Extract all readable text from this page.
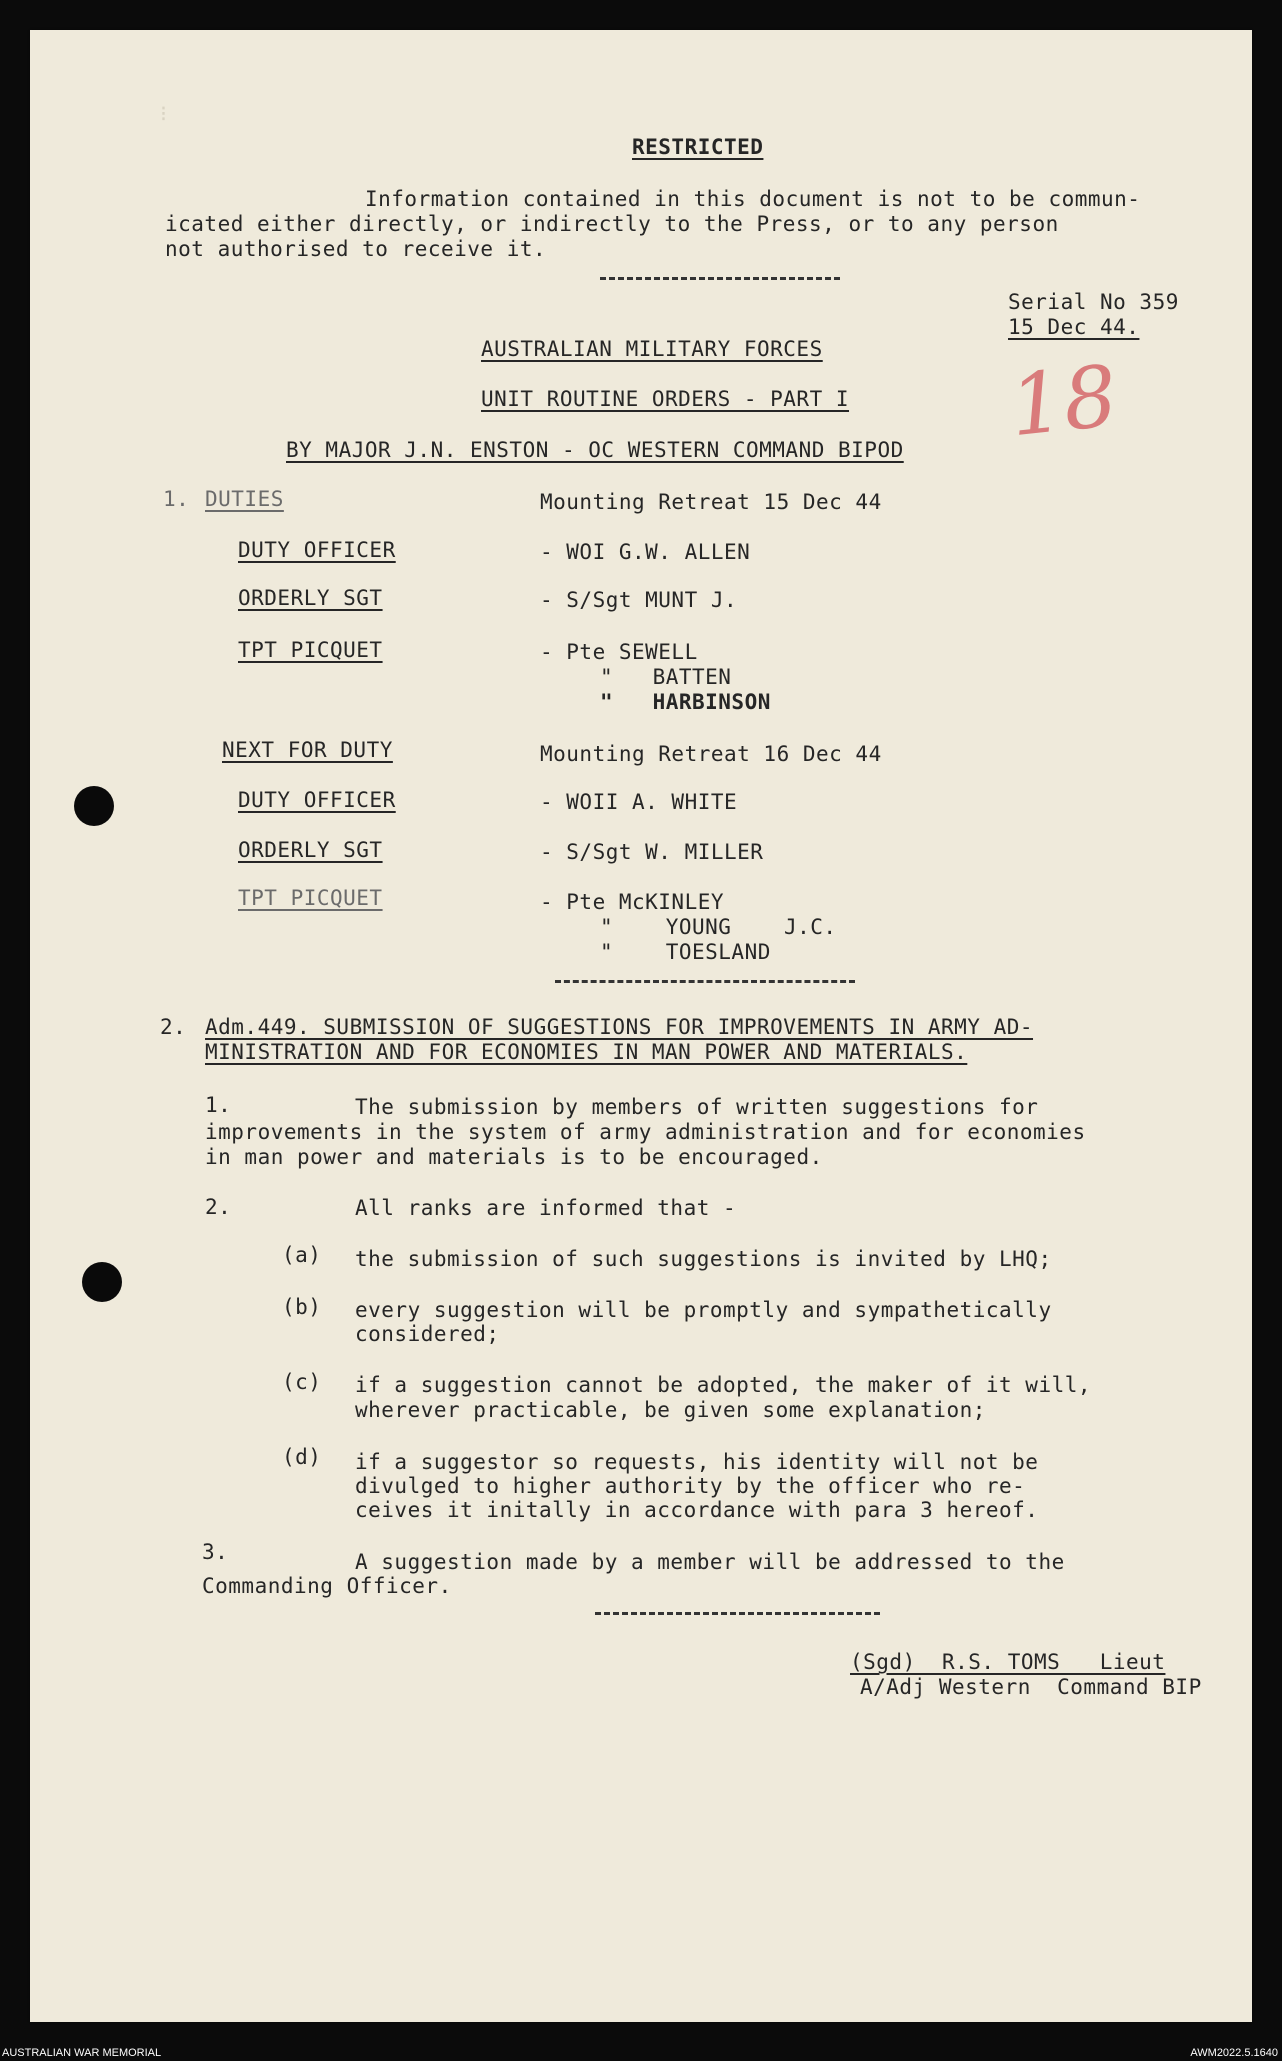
⁝
RESTRICTED
Information contained in this document is not to be commun-
icated either directly, or indirectly to the Press, or to any person
not authorised to receive it.
Serial No 359
15 Dec 44.
18
AUSTRALIAN MILITARY FORCES
UNIT ROUTINE ORDERS - PART I
BY MAJOR J.N. ENSTON - OC WESTERN COMMAND BIPOD
1. DUTIES	Mounting Retreat 15 Dec 44
DUTY OFFICER	- WOI G.W. ALLEN
ORDERLY SGT	- S/Sgt MUNT J.
TPT PICQUET	- Pte SEWELL
"   BATTEN
"   HARBINSON
NEXT FOR DUTY	Mounting Retreat 16 Dec 44
DUTY OFFICER	- WOII A. WHITE
ORDERLY SGT	- S/Sgt W. MILLER
TPT PICQUET	- Pte McKINLEY
"    YOUNG    J.C.
"    TOESLAND
2. Adm.449. SUBMISSION OF SUGGESTIONS FOR IMPROVEMENTS IN ARMY AD-
MINISTRATION AND FOR ECONOMIES IN MAN POWER AND MATERIALS.
1.	The submission by members of written suggestions for
improvements in the system of army administration and for economies
in man power and materials is to be encouraged.
2.	All ranks are informed that -
(a) the submission of such suggestions is invited by LHQ;
(b) every suggestion will be promptly and sympathetically
considered;
(c) if a suggestion cannot be adopted, the maker of it will,
wherever practicable, be given some explanation;
(d) if a suggestor so requests, his identity will not be
divulged to higher authority by the officer who re-
ceives it initally in accordance with para 3 hereof.
3.	A suggestion made by a member will be addressed to the
Commanding Officer.
(Sgd)  R.S. TOMS   Lieut
A/Adj Western  Command BIP
AUSTRALIAN WAR MEMORIAL	AWM2022.5.1640
